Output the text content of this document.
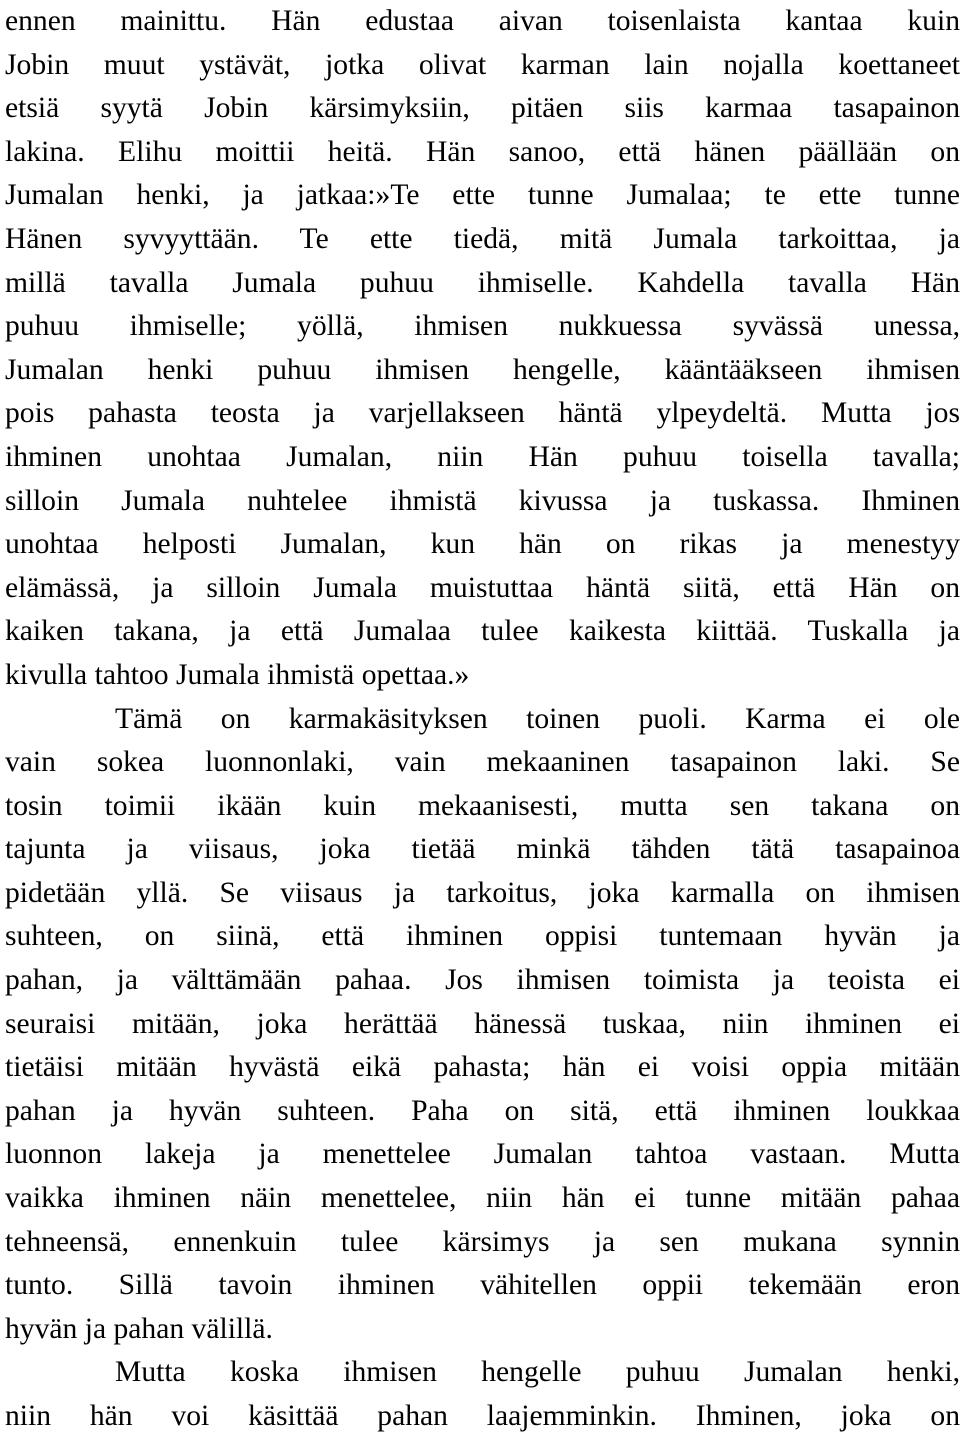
ennen mainittu. Hän edustaa aivan toisenlaista kantaa kuin
Jobin muut ystävät, jotka olivat karman lain nojalla koettaneet
etsiä syytä Jobin kärsimyksiin, pitäen siis karmaa tasapainon
lakina. Elihu moittii heitä. Hän sanoo, että hänen päällään on
Jumalan henki, ja jatkaa:»Te ette tunne Jumalaa; te ette tunne
Hänen syvyyttään. Te ette tiedä, mitä Jumala tarkoittaa, ja
millä tavalla Jumala puhuu ihmiselle. Kahdella tavalla Hän
puhuu ihmiselle; yöllä, ihmisen nukkuessa syvässä unessa,
Jumalan henki puhuu ihmisen hengelle, kääntääkseen ihmisen
pois pahasta teosta ja varjellakseen häntä ylpeydeltä. Mutta jos
ihminen unohtaa Jumalan, niin Hän puhuu toisella tavalla;
silloin Jumala nuhtelee ihmistä kivussa ja tuskassa. Ihminen
unohtaa helposti Jumalan, kun hän on rikas ja menestyy
elämässä, ja silloin Jumala muistuttaa häntä siitä, että Hän on
kaiken takana, ja että Jumalaa tulee kaikesta kiittää. Tuskalla ja
kivulla tahtoo Jumala ihmistä opettaa.»
Tämä on karmakäsityksen toinen puoli. Karma ei ole
vain sokea luonnonlaki, vain mekaaninen tasapainon laki. Se
tosin toimii ikään kuin mekaanisesti, mutta sen takana on
tajunta ja viisaus, joka tietää minkä tähden tätä tasapainoa
pidetään yllä. Se viisaus ja tarkoitus, joka karmalla on ihmisen
suhteen, on siinä, että ihminen oppisi tuntemaan hyvän ja
pahan, ja välttämään pahaa. Jos ihmisen toimista ja teoista ei
seuraisi mitään, joka herättää hänessä tuskaa, niin ihminen ei
tietäisi mitään hyvästä eikä pahasta; hän ei voisi oppia mitään
pahan ja hyvän suhteen. Paha on sitä, että ihminen loukkaa
luonnon lakeja ja menettelee Jumalan tahtoa vastaan. Mutta
vaikka ihminen näin menettelee, niin hän ei tunne mitään pahaa
tehneensä, ennenkuin tulee kärsimys ja sen mukana synnin
tunto. Sillä tavoin ihminen vähitellen oppii tekemään eron
hyvän ja pahan välillä.
Mutta koska ihmisen hengelle puhuu Jumalan henki,
niin hän voi käsittää pahan laajemminkin. Ihminen, joka on
